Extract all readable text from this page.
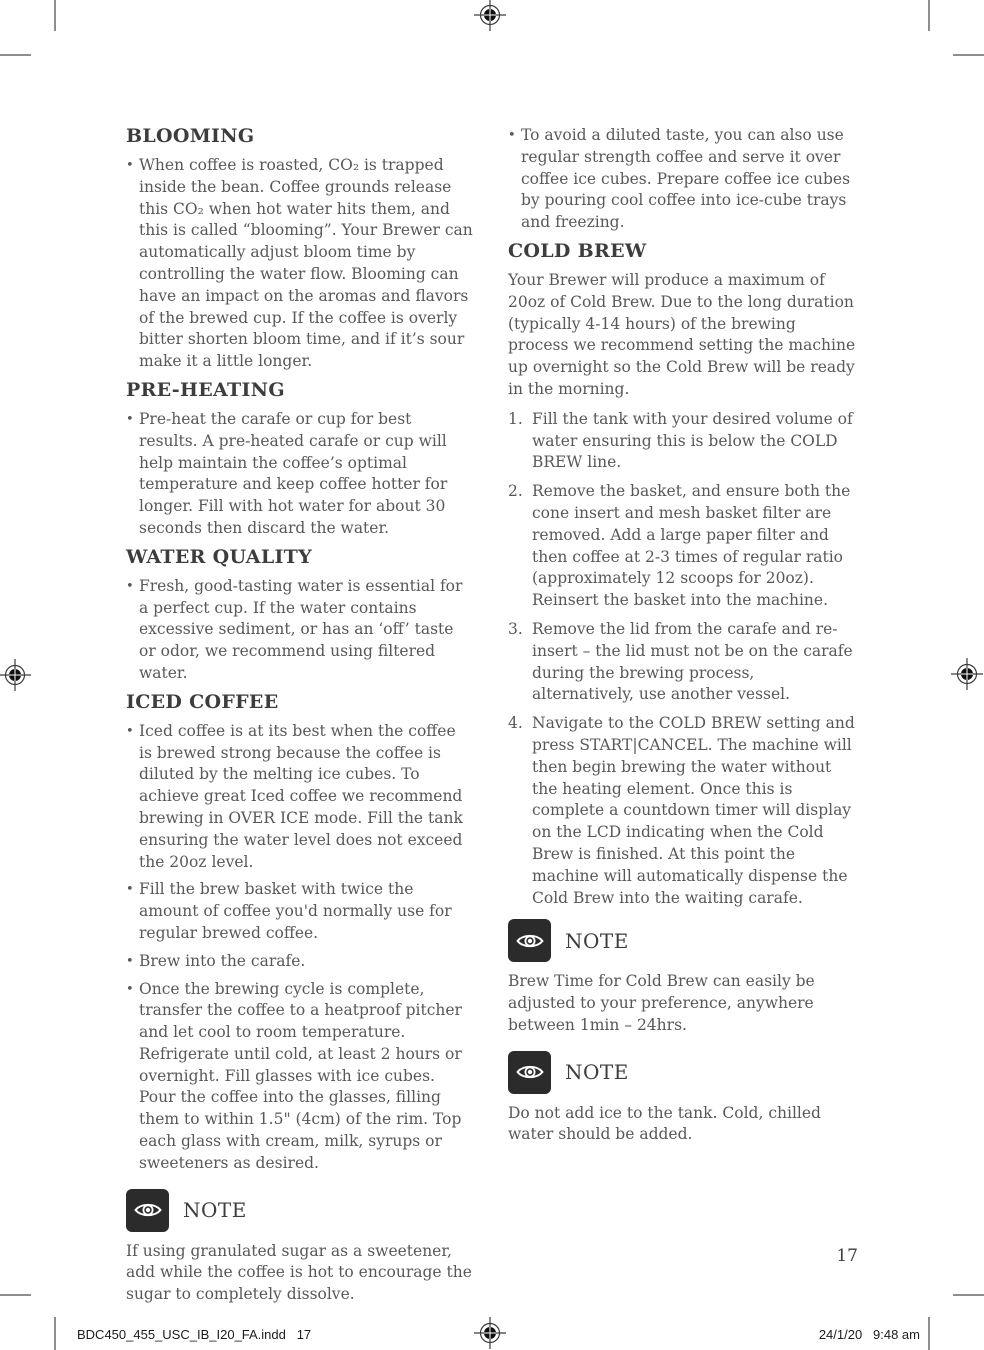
BLOOMING
• When coffee is roasted, CO₂ is trapped inside the bean. Coffee grounds release this CO₂ when hot water hits them, and this is called “blooming”. Your Brewer can automatically adjust bloom time by controlling the water flow. Blooming can have an impact on the aromas and flavors of the brewed cup. If the coffee is overly bitter shorten bloom time, and if it’s sour make it a little longer.

PRE-HEATING
• Pre-heat the carafe or cup for best results. A pre-heated carafe or cup will help maintain the coffee’s optimal temperature and keep coffee hotter for longer. Fill with hot water for about 30 seconds then discard the water.

WATER QUALITY
• Fresh, good-tasting water is essential for a perfect cup. If the water contains excessive sediment, or has an ‘off’ taste or odor, we recommend using filtered water.

ICED COFFEE
• Iced coffee is at its best when the coffee is brewed strong because the coffee is diluted by the melting ice cubes. To achieve great Iced coffee we recommend brewing in OVER ICE mode. Fill the tank ensuring the water level does not exceed the 20oz level.

• Fill the brew basket with twice the amount of coffee you'd normally use for regular brewed coffee.

• Brew into the carafe.

• Once the brewing cycle is complete, transfer the coffee to a heatproof pitcher and let cool to room temperature. Refrigerate until cold, at least 2 hours or overnight. Fill glasses with ice cubes. Pour the coffee into the glasses, filling them to within 1.5" (4cm) of the rim. Top each glass with cream, milk, syrups or sweeteners as desired.

NOTE

If using granulated sugar as a sweetener, add while the coffee is hot to encourage the sugar to completely dissolve.

• To avoid a diluted taste, you can also use regular strength coffee and serve it over coffee ice cubes. Prepare coffee ice cubes by pouring cool coffee into ice-cube trays and freezing.

COLD BREW

Your Brewer will produce a maximum of 20oz of Cold Brew. Due to the long duration (typically 4-14 hours) of the brewing process we recommend setting the machine up overnight so the Cold Brew will be ready in the morning.

1. Fill the tank with your desired volume of water ensuring this is below the COLD BREW line.

2. Remove the basket, and ensure both the cone insert and mesh basket filter are removed. Add a large paper filter and then coffee at 2-3 times of regular ratio (approximately 12 scoops for 20oz). Reinsert the basket into the machine.

3. Remove the lid from the carafe and re-insert – the lid must not be on the carafe during the brewing process, alternatively, use another vessel.

4. Navigate to the COLD BREW setting and press START|CANCEL. The machine will then begin brewing the water without the heating element. Once this is complete a countdown timer will display on the LCD indicating when the Cold Brew is finished. At this point the machine will automatically dispense the Cold Brew into the waiting carafe.

NOTE

Brew Time for Cold Brew can easily be adjusted to your preference, anywhere between 1min – 24hrs.

NOTE

Do not add ice to the tank. Cold, chilled water should be added.

17
BDC450_455_USC_IB_I20_FA.indd   17	24/1/20   9:48 am
